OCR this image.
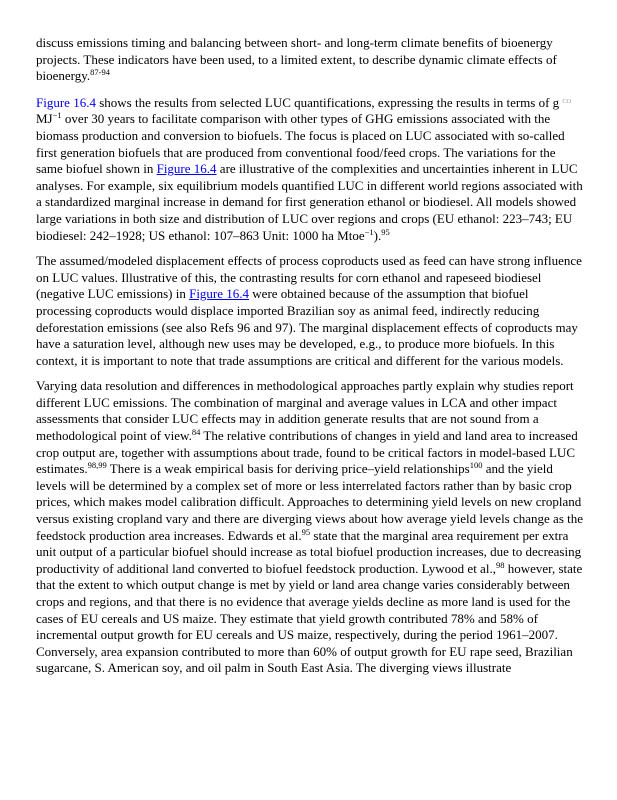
discuss emissions timing and balancing between short- and long-term climate benefits of bioenergy projects. These indicators have been used, to a limited extent, to describe dynamic climate effects of bioenergy.$^{87-94}$

Figure 16.4 shows the results from selected LUC quantifications, expressing the results in terms of g $^{CO}$ $MJ^{-1}$ over 30 years to facilitate comparison with other types of GHG emissions associated with the biomass production and conversion to biofuels. The focus is placed on LUC associated with so-called first generation biofuels that are produced from conventional food/feed crops. The variations for the same biofuel shown in Figure 16.4 are illustrative of the complexities and uncertainties inherent in LUC analyses. For example, six equilibrium models quantified LUC in different world regions associated with a standardized marginal increase in demand for first generation ethanol or biodiesel. All models showed large variations in both size and distribution of LUC over regions and crops (EU ethanol: 223–743; EU biodiesel: 242–1928; US ethanol: 107–863 Unit: 1000 ha Mtoe$^{-1}$).$^{95}$

The assumed/modeled displacement effects of process coproducts used as feed can have strong influence on LUC values. Illustrative of this, the contrasting results for corn ethanol and rapeseed biodiesel (negative LUC emissions) in Figure 16.4 were obtained because of the assumption that biofuel processing coproducts would displace imported Brazilian soy as animal feed, indirectly reducing deforestation emissions (see also Refs 96 and 97). The marginal displacement effects of coproducts may have a saturation level, although new uses may be developed, e.g., to produce more biofuels. In this context, it is important to note that trade assumptions are critical and different for the various models.

Varying data resolution and differences in methodological approaches partly explain why studies report different LUC emissions. The combination of marginal and average values in LCA and other impact assessments that consider LUC effects may in addition generate results that are not sound from a methodological point of view.$^{84}$ The relative contributions of changes in yield and land area to increased crop output are, together with assumptions about trade, found to be critical factors in model-based LUC estimates.$^{98,99}$ There is a weak empirical basis for deriving price–yield relationships$^{100}$ and the yield levels will be determined by a complex set of more or less interrelated factors rather than by basic crop prices, which makes model calibration difficult. Approaches to determining yield levels on new cropland versus existing cropland vary and there are diverging views about how average yield levels change as the feedstock production area increases. Edwards et al.$^{95}$ state that the marginal area requirement per extra unit output of a particular biofuel should increase as total biofuel production increases, due to decreasing productivity of additional land converted to biofuel feedstock production. Lywood et al.,$^{98}$ however, state that the extent to which output change is met by yield or land area change varies considerably between crops and regions, and that there is no evidence that average yields decline as more land is used for the cases of EU cereals and US maize. They estimate that yield growth contributed 78% and 58% of incremental output growth for EU cereals and US maize, respectively, during the period 1961–2007. Conversely, area expansion contributed to more than 60% of output growth for EU rape seed, Brazilian sugarcane, S. American soy, and oil palm in South East Asia. The diverging views illustrate
